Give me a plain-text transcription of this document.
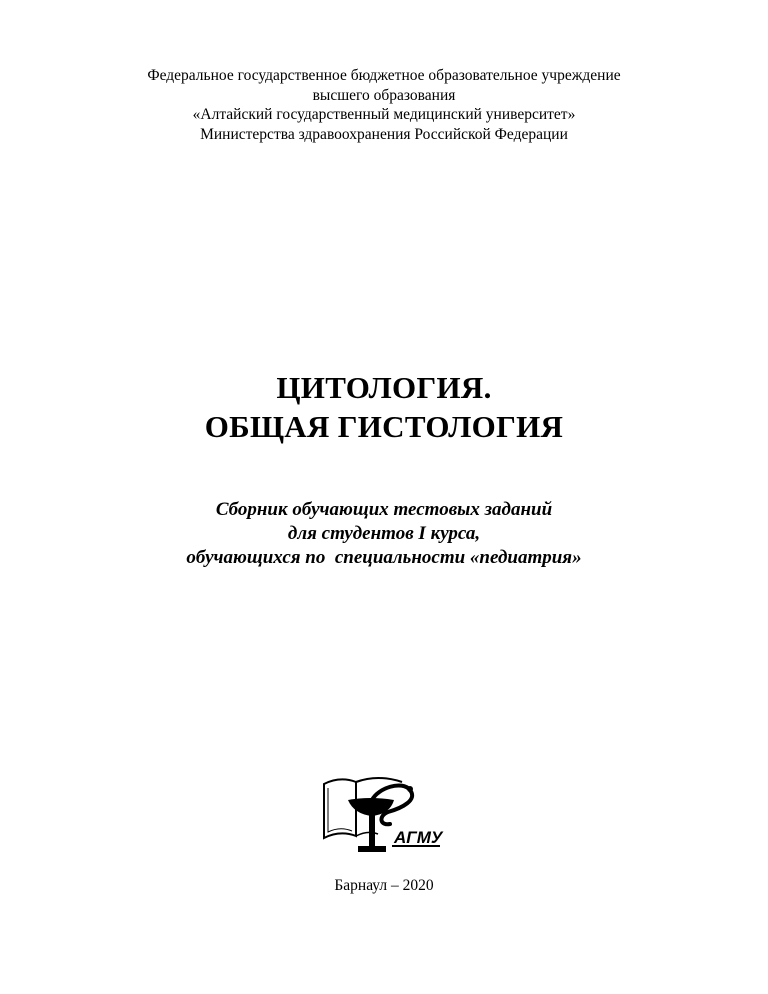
Федеральное государственное бюджетное образовательное учреждение
высшего образования
«Алтайский государственный медицинский университет»
Министерства здравоохранения Российской Федерации
ЦИТОЛОГИЯ.
ОБЩАЯ ГИСТОЛОГИЯ
Сборник обучающих тестовых заданий
для студентов I курса,
обучающихся по  специальности «педиатрия»
АГМУ
Барнаул – 2020
